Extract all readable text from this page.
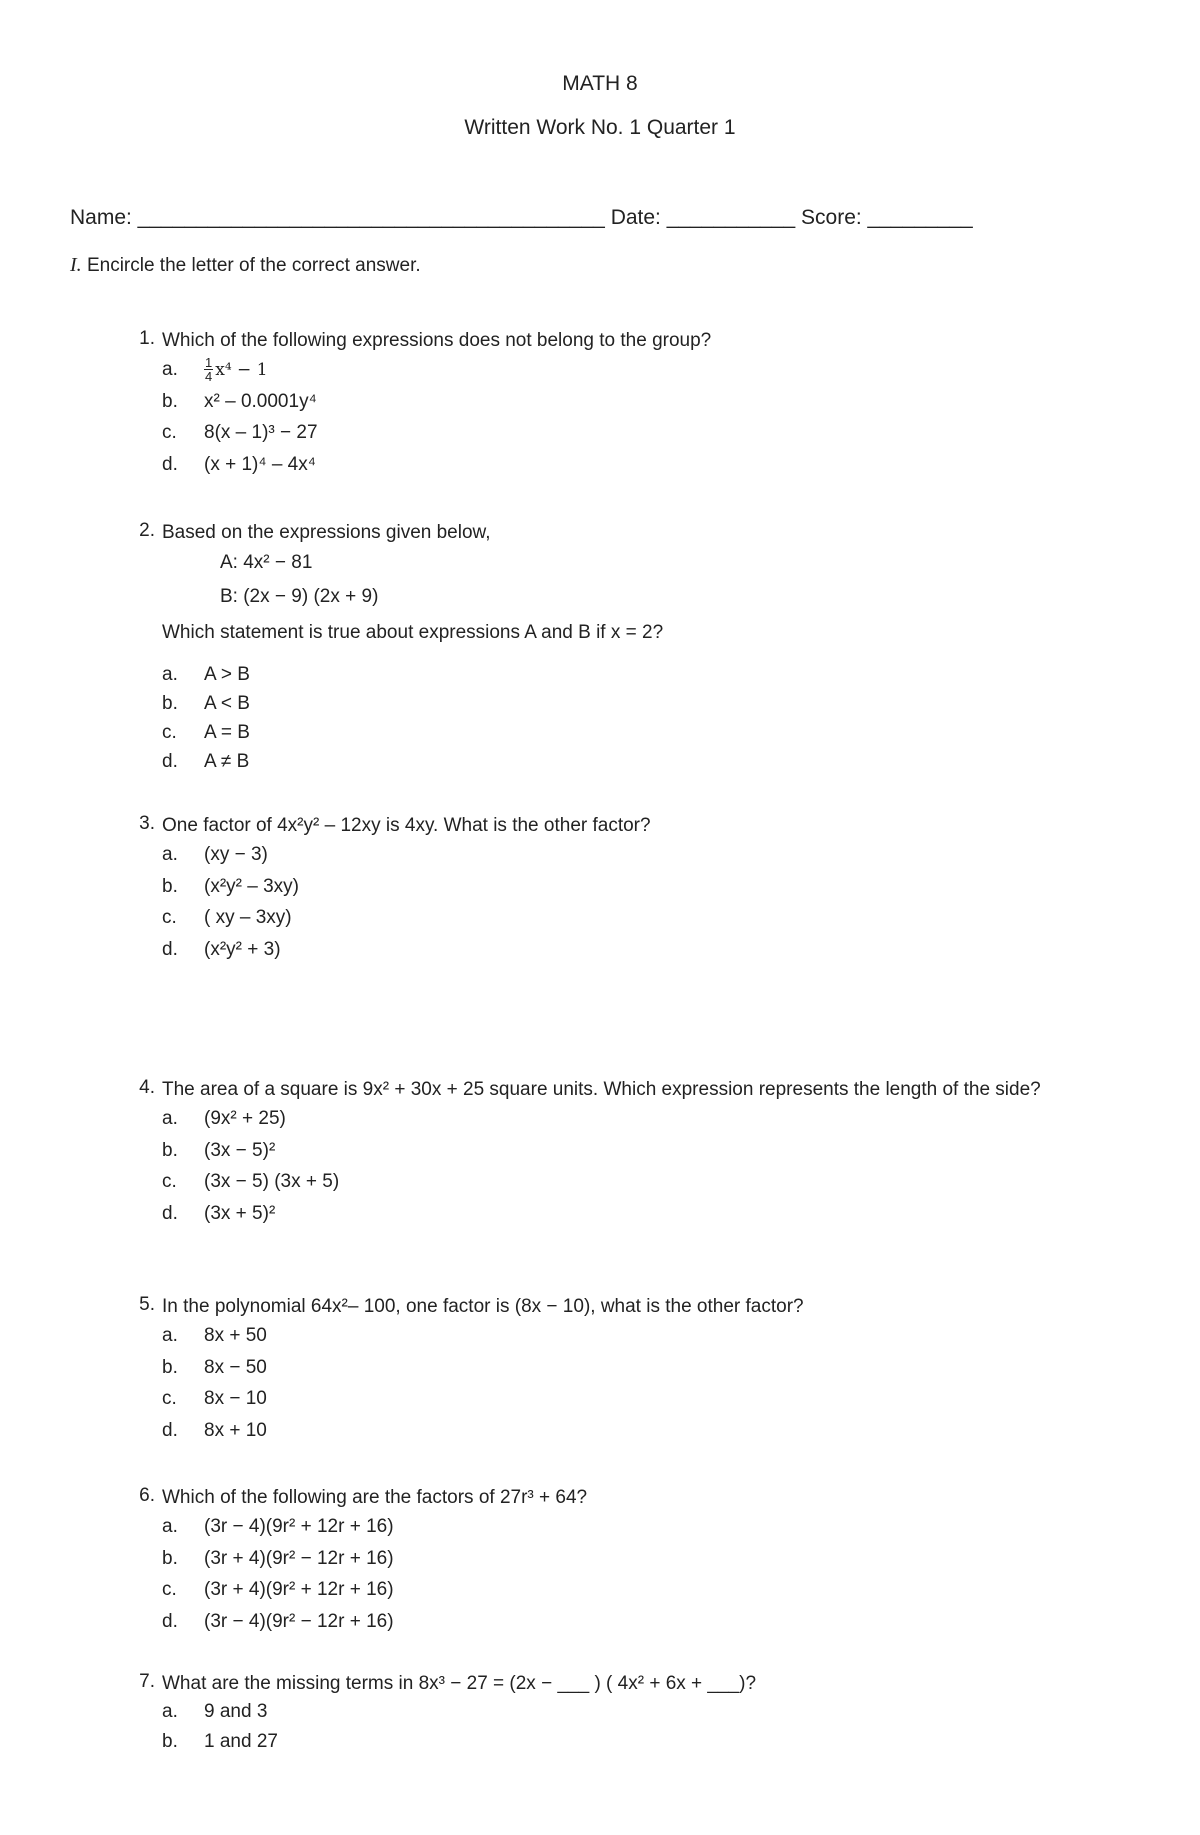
MATH 8
Written Work No. 1 Quarter 1
Name: ________________________________________ Date: ___________ Score: _________
I. Encircle the letter of the correct answer.
1. Which of the following expressions does not belong to the group?
a. $\frac{1}{4} x^4 - 1$
b. x² – 0.0001y⁴
c. 8(x – 1)³ − 27
d. (x + 1)⁴ – 4x⁴
2. Based on the expressions given below,
A: 4x² − 81
B: (2x − 9) (2x + 9)
Which statement is true about expressions A and B if x = 2?
a. A > B
b. A < B
c. A = B
d. A ≠ B
3. One factor of 4x²y² – 12xy is 4xy. What is the other factor?
a. (xy − 3)
b. (x²y² – 3xy)
c. ( xy – 3xy)
d. (x²y² + 3)
4. The area of a square is 9x² + 30x + 25 square units. Which expression represents the length of the side?
a. (9x² + 25)
b. (3x − 5)²
c. (3x − 5) (3x + 5)
d. (3x + 5)²
5. In the polynomial 64x²– 100, one factor is (8x − 10), what is the other factor?
a. 8x + 50
b. 8x − 50
c. 8x − 10
d. 8x + 10
6. Which of the following are the factors of 27r³ + 64?
a. (3r − 4)(9r² + 12r + 16)
b. (3r + 4)(9r² − 12r + 16)
c. (3r + 4)(9r² + 12r + 16)
d. (3r − 4)(9r² − 12r + 16)
7. What are the missing terms in 8x³ − 27 = (2x − ___ ) ( 4x² + 6x + ___)?
a. 9 and 3
b. 1 and 27
